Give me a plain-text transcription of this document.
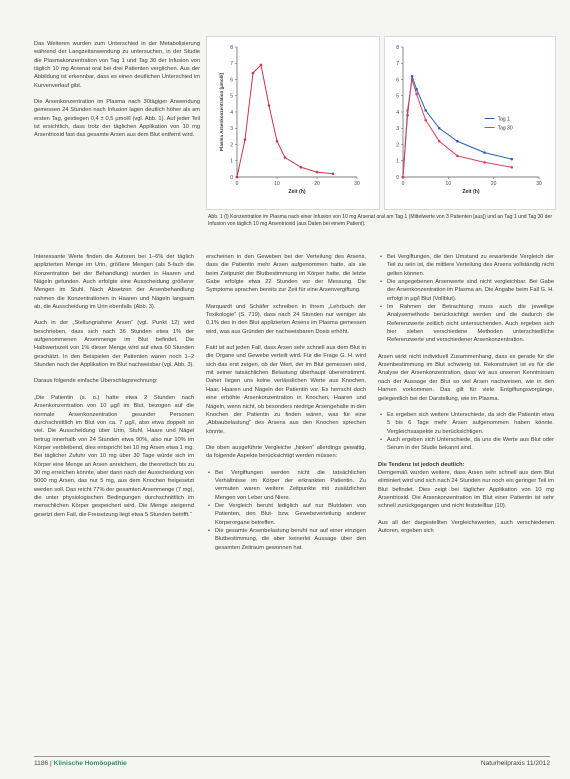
Das Weiteren wurden zum Unterschied in der Metabolisierung während der Langzeitanwendung zu untersuchen, in der Studie die Plasmakonzentration von Tag 1 und Tag 30 der Infusion von täglich 10 mg Arsenat oral bei drei Patienten verglichen. Aus der Abbildung ist erkennbar, dass es einen deutlichen Unterschied im Kurvenverlauf gibt.

Die Arsenkonzentration im Plasma nach 30tägiger Anwendung gemessen 24 Stunden nach Infusion lagen deutlich höher als am ersten Tag, gestiegen 0,4 ± 0,5 µmol/l (vgl. Abb. 1). Auf jeder Teil ist ersichtlich, dass trotz der täglichen Applikation von 10 mg Arsentrioxid fast das gesamte Arsen aus dem Blut entfernt wird.

0
1
2
3
4
5
6
7
8
0	10	20	30
Zeit (h)
Plasma Arsenkonzentration [µmol/l]
0
1
2
3
4
5
6
7
8
0	10	20	30
Zeit (h)
Tag 1
Tag 30
Abb. 1 (l) Konzentration im Plasma nach einer Infusion von 10 mg Arsenat oral am Tag 1 (Mittelwerte von 3 Patienten [aus]) und an Tag 1 und Tag 30 der Infusion von täglich 10 mg Arsentrioxid (aus Daten bei einem Patient).

Interessante Werte finden die Autoren bei 1–6% der täglich applizierten Menge im Urin, größere Mengen (als 5-fach die Konzentration bei der Behandlung) wurden in Haaren und Nägeln gefunden. Auch erfolgte eine Ausscheidung größerer Mengen im Stuhl. Nach Absetzen der Arsenbehandlung nahmen die Konzentrationen in Haaren und Nägeln langsam ab, die Ausscheidung im Urin ebenfalls (Abb. 3).

Auch in der „Stellungnahme Arsen“ (vgl. Punkt 12) wird beschrieben, dass sich nach 36 Stunden etwa 1% der aufgenommenen Arsenmenge im Blut befindet. Die Halbwertszeit von 1% dieser Menge wird auf etwa 60 Stunden geschätzt. In den Beispielen der Patienten waren noch 1–2 Stunden nach der Applikation im Blut nachweisbar (vgl. Abb. 3).

Daraus folgende einfache Überschlagsrechnung:

„Die Patientin (s. o.) hatte etwa 2 Stunden nach Arsenkonzentration von 10 µg/l im Blut, bezogen auf die normale Arsenkonzentration gesunder Personen durchschnittlich im Blut von ca. 7 µg/l, also etwa doppelt so viel. Die Ausscheidung über Urin, Stuhl, Haare und Nägel betrug innerhalb von 24 Stunden etwa 90%, also nur 10% im Körper verbleibend, dies entspricht bei 10 mg Arsen etwa 1 mg. Bei täglicher Zufuhr von 10 mg über 30 Tage würde sich im Körper eine Menge an Arsen anreichern, die theoretisch bis zu 30 mg erreichen könnte, aber dann nach der Ausscheidung von 5000 mg Arsen, das nur 5 mg, aus dem Knochen freigesetzt werden soll. Das reicht 77% der gesamten Arsenmenge (7 mg), die unter physiologischen Bedingungen durchschnittlich im menschlichen Körper gespeichert wird. Die Menge steigernd gesetzt dem Fall, die Freisetzung liegt etwa 5 Stunden betrifft.“

erscheinen in den Geweben bei der Verteilung des Arsens, dass die Patientin mehr Arsen aufgenommen hatte, als sie beim Zeitpunkt der Blutbestimmung im Körper hatte, die letzte Gabe erfolgte etwa 22 Stunden vor der Messung. Die Symptome sprachen bereits zur Zeit für eine Arsenvergiftung.

Marquardt und Schäfer schreiben in ihrem „Lehrbuch der Toxikologie“ (S. 719), dass nach 24 Stunden nur weniger als 0,1% des in den Blut applizierten Arsens im Plasma gemessen wird, was aus Gründen der nachweisbaren Dosis erhöht.

Fakt ist auf jeden Fall, dass Arsen sehr schnell aus dem Blut in die Organe und Gewebe verteilt wird. Für die Frage G. H. wird sich das erst zeigen, ob der Wert, der im Blut gemessen wird, mit seiner tatsächlichen Belastung überhaupt übereinstimmt. Daher liegen uns keine verlässlichen Werte aus Knochen, Haar, Haaren und Nägeln der Patientin vor. Es herrscht doch eine erhöhte Arsenkonzentration in Knochen, Haaren und Nägeln, wenn nicht, ob besonders niedrige Arsengehalte in den Knochen der Patientin zu finden wären, was für eine „Abbaubelastung“ des Arsens aus den Knochen sprechen könnte.

Die oben ausgeführte Vergleiche „hinken“ allerdings gewaltig, da folgende Aspekte berücksichtigt werden müssen:

• Bei Vergiftungen werden nicht die tatsächlichen Verhältnisse im Körper der erkrankten Patientin. Zu vermuten waren weitere Zeitpunkte mit zusätzlichen Mengen von Leber und Niere.
• Der Vergleich beruht lediglich auf nur Blutdaten von Patienten, den Blut- bzw. Gewebeverteilung anderer Körperorgane betreffen.
• Die gesamte Arsenbelastung beruht nur auf einer einzigen Blutbestimmung, die aber keinerlei Aussage über den gesamten Zeitraum gewonnen hat.
• Bei Vergiftungen, die den Umstand zu erwartende Vergleich der Teil zu sein ist, die mittlere Verteilung des Arsens vollständig nicht gelten können.
• Die angegebenen Arsenwerte sind nicht vergleichbar. Bei Gabe der Arsenkonzentration im Plasma an. Die Angabe beim Fall G. H. erfolgt in µg/l Blut (Vollblut).
• Im Rahmen der Betrachtung muss auch die jeweilige Analysemethode berücksichtigt werden und die dadurch die Referenzwerte zeitlich nicht untersuchenden. Auch ergeben sich hier sieben verschiedene Methoden unterschiedliche Referenzwerte und verschiedener Arsenkonzentration.

Arsen wirkt nicht individuell Zusammenhang, dass es gerade für die Arsenbestimmung im Blut schwierig ist. Rekonstruiert ist es für die Analyse der Arsenkonzentration, dass wir aus unseren Kenntnissen nach der Aussage der Blut so viel Arsen nachweisen, wie in den Harnen vorkommen. Das gilt für viele Entgiftungsvorgänge, gelegentlich bei der Darstellung, wie im Plasma.

• Es ergeben sich weitere Unterschiede, da sich die Patientin etwa 5 bis 6 Tage mehr Arsen aufgenommen haben könnte. Vergleichsaspekte zu berücksichtigen.
• Auch ergeben sich Unterschiede, da uns die Werte aus Blut oder Serum in der Studie bekannt sind.

Die Tendenz ist jedoch deutlich:

Demgemäß wurden weitere, dass Arsen sehr schnell aus dem Blut eliminiert wird und sich nach 24 Stunden nur noch ein geringer Teil im Blut befindet. Dies zeigt bei täglicher Applikation von 10 mg Arsentrioxid. Die Arsenkonzentration im Blut einer Patientin ist sehr schnell zurückgegangen und nicht feststellbar (10).

Aus all der dargestellten Vergleichswerten, auch verschiedenen Autoren, ergeben sich

1186 | Klinische Homöopathie	Naturheilpraxis 11/2012
